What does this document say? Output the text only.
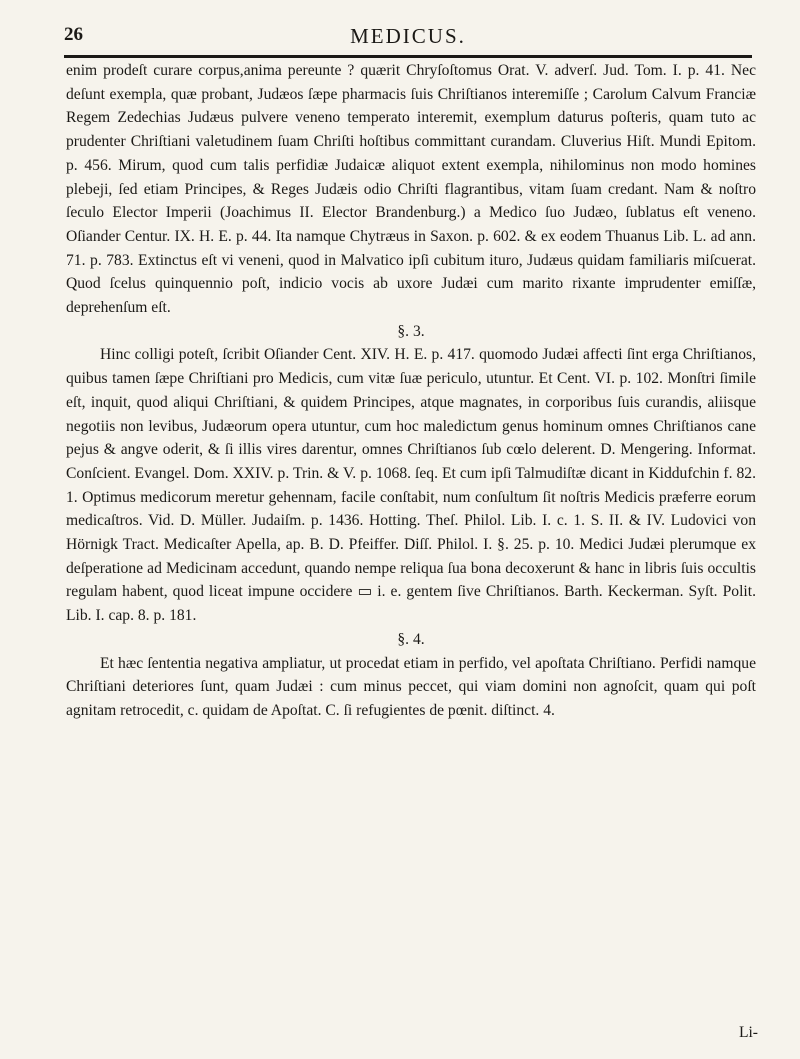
26	MEDICUS.

enim prodeſt curare corpus,anima pereunte ? quærit Chryſoſtomus Orat. V. adverſ. Jud. Tom. I. p. 41. Nec deſunt exempla, quæ probant, Judæos ſæpe pharmacis ſuis Chriſtianos interemiſſe ; Carolum Calvum Franciæ Regem Zedechias Judæus pulvere veneno temperato interemit, exemplum daturus poſteris, quam tuto ac prudenter Chriſtiani valetudinem ſuam Chriſti hoſtibus committant curandam. Cluverius Hiſt. Mundi Epitom. p. 456. Mirum, quod cum talis perfidiæ Judaicæ aliquot extent exempla, nihilominus non modo homines plebeji, ſed etiam Principes, & Reges Judæis odio Chriſti flagrantibus, vitam ſuam credant. Nam & noſtro ſeculo Elector Imperii (Joachimus II. Elector Brandenburg.) a Medico ſuo Judæo, ſublatus eſt veneno. Oſiander Centur. IX. H. E. p. 44. Ita namque Chytræus in Saxon. p. 602. & ex eodem Thuanus Lib. L. ad ann. 71. p. 783. Extinctus eſt vi veneni, quod in Malvatico ipſi cubitum ituro, Judæus quidam familiaris miſcuerat. Quod ſcelus quinquennio poſt, indicio vocis ab uxore Judæi cum marito rixante imprudenter emiſſæ, deprehenſum eſt.

§. 3.

Hinc colligi poteſt, ſcribit Oſiander Cent. XIV. H. E. p. 417. quomodo Judæi affecti ſint erga Chriſtianos, quibus tamen ſæpe Chriſtiani pro Medicis, cum vitæ ſuæ periculo, utuntur. Et Cent. VI. p. 102. Monſtri ſimile eſt, inquit, quod aliqui Chriſtiani, & quidem Principes, atque magnates, in corporibus ſuis curandis, aliisque negotiis non levibus, Judæorum opera utuntur, cum hoc maledictum genus hominum omnes Chriſtianos cane pejus & angve oderit, & ſi illis vires darentur, omnes Chriſtianos ſub cœlo delerent. D. Mengering. Informat. Conſcient. Evangel. Dom. XXIV. p. Trin. & V. p. 1068. ſeq. Et cum ipſi Talmudiſtæ dicant in Kiddufchin f. 82. 1. Optimus medicorum meretur gehennam, facile conſtabit, num conſultum ſit noſtris Medicis præferre eorum medicaſtros. Vid. D. Müller. Judaiſm. p. 1436. Hotting. Theſ. Philol. Lib. I. c. 1. S. II. & IV. Ludovici von Hörnigk Tract. Medicaſter Apella, ap. B. D. Pfeiffer. Diſſ. Philol. I. §. 25. p. 10. Medici Judæi plerumque ex deſperatione ad Medicinam accedunt, quando nempe reliqua ſua bona decoxerunt & hanc in libris ſuis occultis regulam habent, quod liceat impune occidere ▭ i. e. gentem ſive Chriſtianos. Barth. Keckerman. Syſt. Polit. Lib. I. cap. 8. p. 181.

§. 4.

Et hæc ſententia negativa ampliatur, ut procedat etiam in perfido, vel apoſtata Chriſtiano. Perfidi namque Chriſtiani deteriores ſunt, quam Judæi : cum minus peccet, qui viam domini non agnoſcit, quam qui poſt agnitam retrocedit, c. quidam de Apoſtat. C. ſi refugientes de pœnit. diſtinct. 4.

Li-
